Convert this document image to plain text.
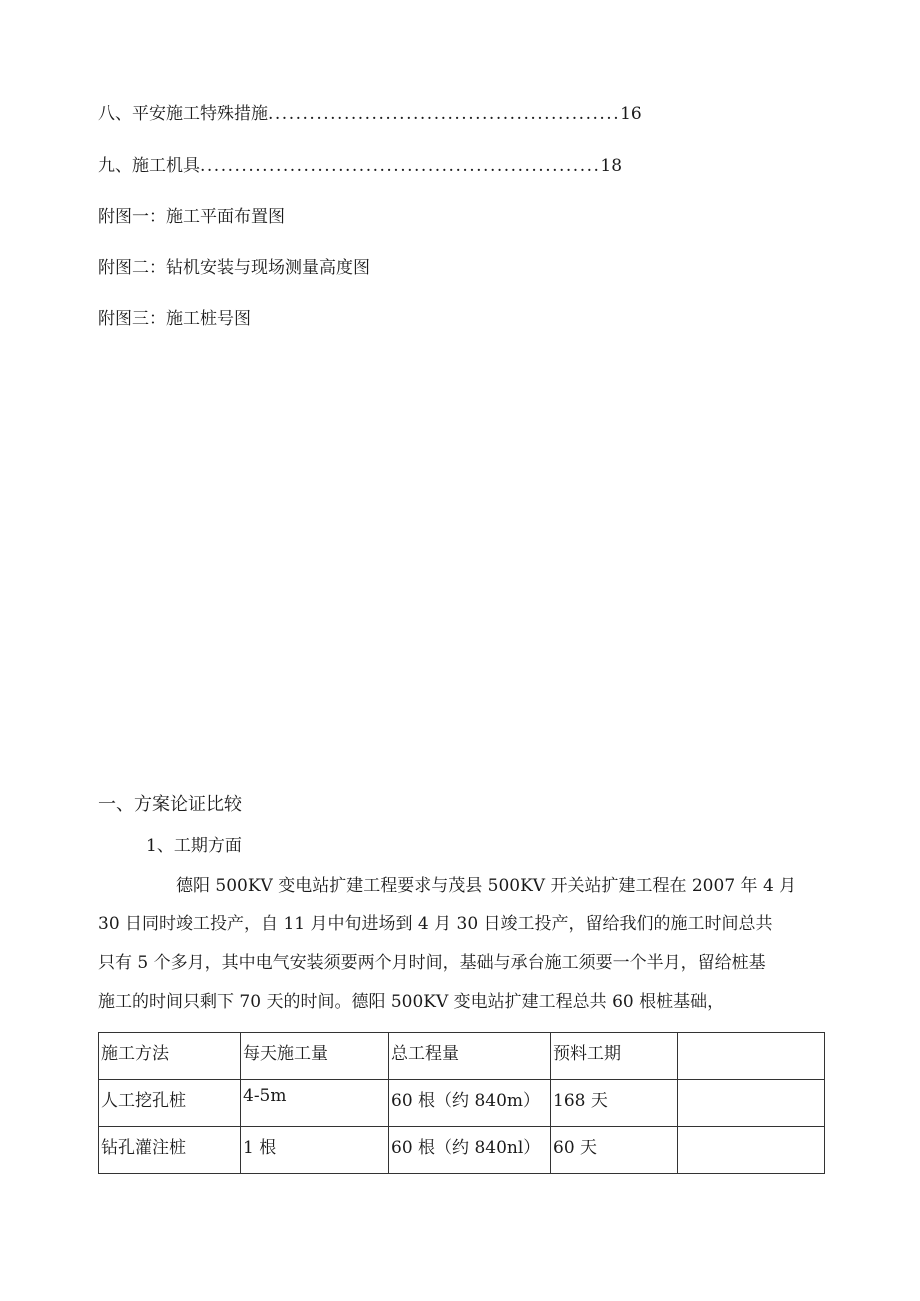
八、平安施工特殊措施...................................................16
九、施工机具..........................................................18
附图一：施工平面布置图
附图二：钻机安装与现场测量高度图
附图三：施工桩号图
一、方案论证比较
1、工期方面
德阳 500KV 变电站扩建工程要求与茂县 500KV 开关站扩建工程在 2007 年 4 月
30 日同时竣工投产，自 11 月中旬进场到 4 月 30 日竣工投产，留给我们的施工时间总共
只有 5 个多月，其中电气安装须要两个月时间，基础与承台施工须要一个半月，留给桩基
施工的时间只剩下 70 天的时间。德阳 500KV 变电站扩建工程总共 60 根桩基础，
施工方法	每天施工量	总工程量	预料工期	
人工挖孔桩	4-5m	60 根（约 840m）	168 天	
钻孔灌注桩	1 根	60 根（约 840nl）	60 天	
